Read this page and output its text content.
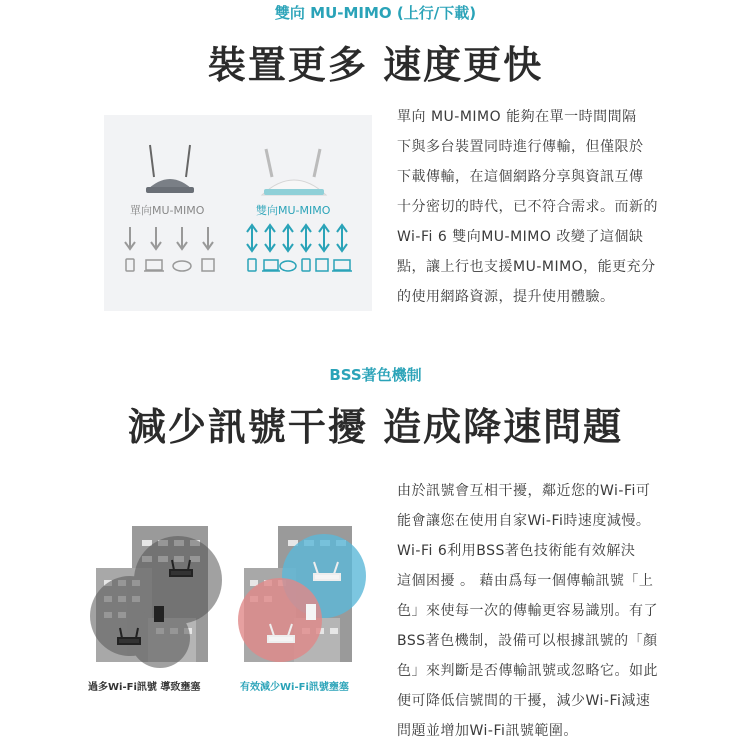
雙向 MU-MIMO (上行/下載)
裝置更多 速度更快
單向MU-MIMO	雙向MU-MIMO
單向 MU-MIMO 能夠在單一時間間隔
下與多台裝置同時進行傳輸，但僅限於
下載傳輸，在這個網路分享與資訊互傳
十分密切的時代，已不符合需求。而新的
Wi-Fi 6 雙向MU-MIMO 改變了這個缺
點，讓上行也支援MU-MIMO，能更充分
的使用網路資源，提升使用體驗。
BSS著色機制
減少訊號干擾 造成降速問題
過多Wi-Fi訊號 導致壅塞	有效減少Wi-Fi訊號壅塞
由於訊號會互相干擾，鄰近您的Wi-Fi可
能會讓您在使用自家Wi-Fi時速度減慢。
Wi-Fi 6利用BSS著色技術能有效解決
這個困擾 。 藉由爲每一個傳輸訊號「上
色」來使每一次的傳輸更容易識別。有了
BSS著色機制，設備可以根據訊號的「顏
色」來判斷是否傳輸訊號或忽略它。如此
便可降低信號間的干擾，減少Wi-Fi減速
問題並增加Wi-Fi訊號範圍。
